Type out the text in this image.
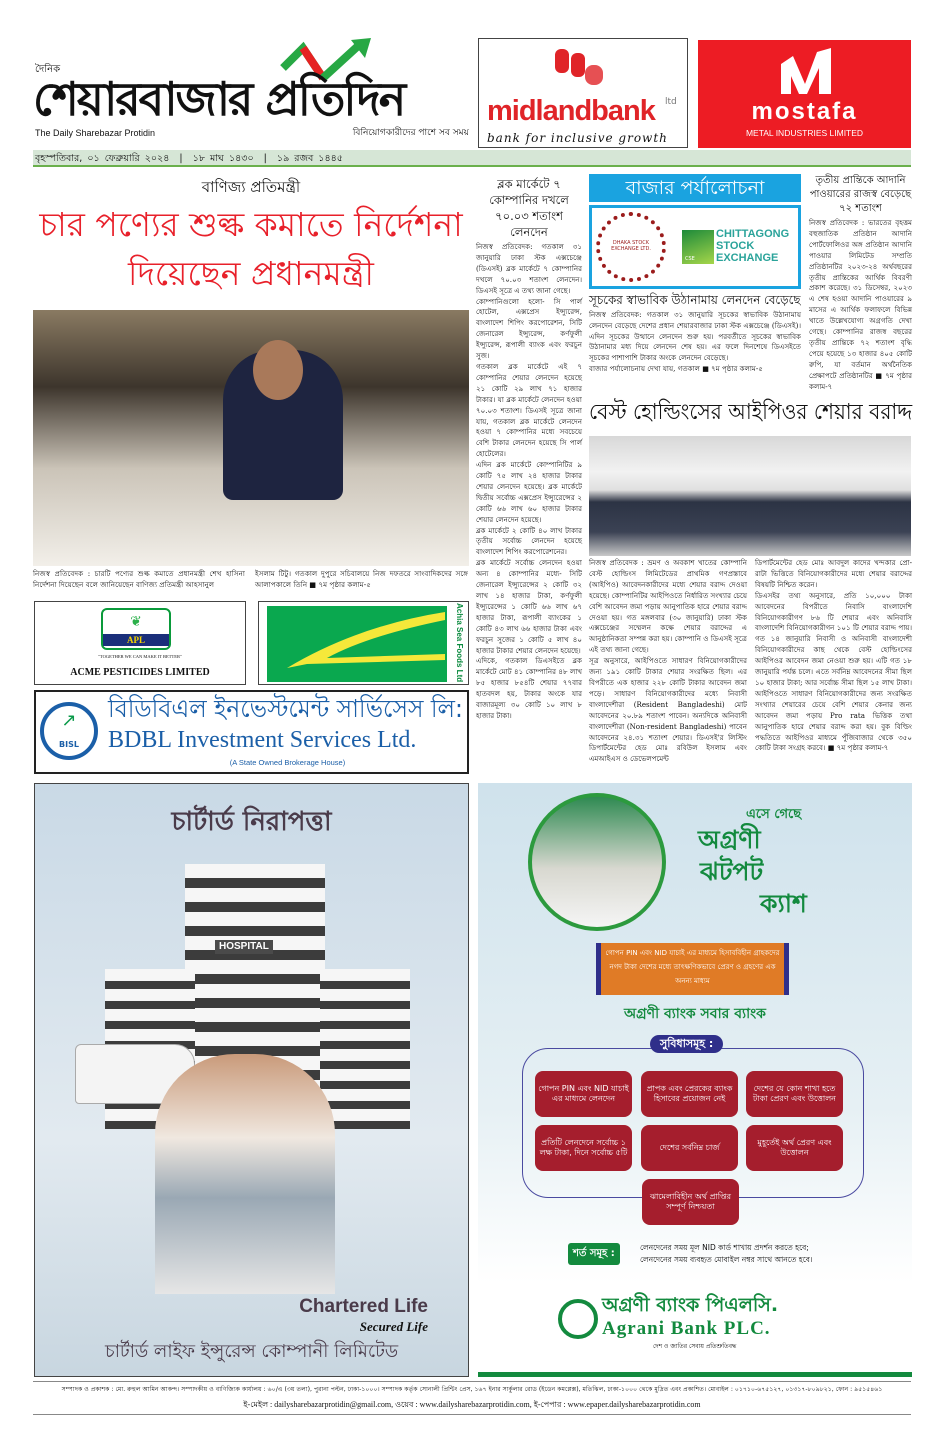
দৈনিক
শেয়ারবাজার প্রতিদিন
The Daily Sharebazar Protidin	বিনিয়োগকারীদের পাশে সব সময়
midlandbank	ltd
bank for inclusive growth
mostafa
METAL INDUSTRIES LIMITED
বৃহস্পতিবার, ০১ ফেব্রুয়ারি ২০২৪  |  ১৮ মাঘ ১৪৩০  |  ১৯ রজব ১৪৪৫
বাণিজ্য প্রতিমন্ত্রী
চার পণ্যের শুল্ক কমাতে নির্দেশনা
দিয়েছেন প্রধানমন্ত্রী
নিজস্ব প্রতিবেদক : চারটি পণ্যের শুল্ক কমাতে প্রধানমন্ত্রী শেখ হাসিনা নির্দেশনা দিয়েছেন বলে জানিয়েছেন বাণিজ্য প্রতিমন্ত্রী আহসানুল
ইসলাম টিটু। গতকাল দুপুরে সচিবালয়ে নিজ দফতরে সাংবাদিকদের সঙ্গে আলাপকালে তিনি ■ ৭ম পৃষ্ঠার কলাম-৫
❦
APL
"TOGETHER WE CAN MAKE IT BETTER"
ACME PESTICIDES LIMITED	Achia Sea Foods Ltd
↗
BISL
বিডিবিএল ইনভেস্টমেন্ট সার্ভিসেস লি:
BDBL Investment Services Ltd.
(A State Owned Brokerage House)
ব্লক মার্কেটে ৭ কোম্পানির দখলে ৭০.০৩ শতাংশ লেনদেন

নিজস্ব প্রতিবেদক: গতকাল ৩১ জানুয়ারি ঢাকা স্টক এক্সচেঞ্জে (ডিএসই) ব্লক মার্কেটে ৭ কোম্পানির দখলে ৭০.০৩ শতাংশ লেনদেন। ডিএসই সূত্রে এ তথ্য জানা গেছে।

কোম্পানিগুলো হলো- সি পার্ল হোটেল, এক্সপ্রেস ইন্স্যুরেন্স, বাংলাদেশ শিপিং করপোরেশন, সিটি জেনারেল ইন্স্যুরেন্স, কর্ণফুলী ইন্স্যুরেন্স, রূপালী ব্যাংক এবং ফরচুন সুজ।

গতকাল ব্লক মার্কেটে এই ৭ কোম্পানির শেয়ার লেনদেন হয়েছে ২১ কোটি ২৯ লাখ ৭১ হাজার টাকার। যা ব্লক মার্কেটে লেনদেন হওয়া ৭০.০৩ শতাংশ। ডিএসই সূত্রে জানা যায়, গতকাল ব্লক মার্কেটে লেনদেন হওয়া ৭ কোম্পানির মধ্যে সবচেয়ে বেশি টাকার লেনদেন হয়েছে সি পার্ল হোটেলের।

এদিন ব্লক মার্কেটে কোম্পানিটির ৯ কোটি ৭৫ লাখ ২৪ হাজার টাকার শেয়ার লেনদেন হয়েছে। ব্লক মার্কেটে দ্বিতীয় সর্বোচ্চ এক্সপ্রেস ইন্স্যুরেন্সের ২ কোটি ৬৬ লাখ ৬০ হাজার টাকার শেয়ার লেনদেন হয়েছে।

ব্লক মার্কেটে ২ কোটি ৪০ লাখ টাকার তৃতীয় সর্বোচ্চ লেনদেন হয়েছে বাংলাদেশ শিপিং করপোরেশনের।

ব্লক মার্কেটে সর্বোচ্চ লেনদেন হওয়া অন্য ৪ কোম্পানির মধ্যে- সিটি জেনারেল ইন্স্যুরেন্সের ২ কোটি ৩২ লাখ ১৪ হাজার টাকা, কর্ণফুলী ইন্স্যুরেন্সের ১ কোটি ৬৬ লাখ ৬৭ হাজার টাকা, রূপালী ব্যাংকের ১ কোটি ৪৩ লাখ ৬৬ হাজার টাকা এবং ফরচুন সুজের ১ কোটি ৫ লাখ ৪০ হাজার টাকার শেয়ার লেনদেন হয়েছে।

এদিকে, গতকাল ডিএসইতে ব্লক মার্কেটে মোট ৪১ কোম্পানির ৪৮ লাখ ৮৫ হাজার ৮৫৪টি শেয়ার ৭৭বার হাতবদল হয়, টাকার অংকে যার বাজারমূল্য ৩০ কোটি ১০ লাখ ৮ হাজার টাকা।

বাজার পর্যালোচনা
DHAKA STOCK EXCHANGE LTD.
CSE
CHITTAGONG STOCK EXCHANGE
সূচকের স্বাভাবিক উঠানামায় লেনদেন বেড়েছে

নিজস্ব প্রতিবেদক: গতকাল ৩১ জানুয়ারি সূচকের স্বাভাবিক উঠানামায় লেনদেন বেড়েছে দেশের প্রধান শেয়ারবাজার ঢাকা স্টক এক্সচেঞ্জে (ডিএসই)। এদিন সূচকের উত্থানে লেনদেন শুরু হয়। পরবর্তীতে সূচকের স্বাভাবিক উঠানামার মধ্য দিয়ে লেনদেন শেষ হয়। এর ফলে দিনশেষে ডিএসইতে সূচকের পাশাপাশি টাকার অংকে লেনদেন বেড়েছে।

বাজার পর্যালোচনায় দেখা যায়, গতকাল ■ ৭ম পৃষ্ঠার কলাম-৫

তৃতীয় প্রান্তিকে আদানি পাওয়ারের রাজস্ব বেড়েছে ৭২ শতাংশ
নিজস্ব প্রতিবেদক : ভারতের বৃহত্তম বহুজাতিক প্রতিষ্ঠান আদানি পোর্টফোলিওর অঙ্গ প্রতিষ্ঠান আদানি পাওয়ার লিমিটেড সম্প্রতি প্রতিষ্ঠানটির ২০২৩-২৪ অর্থবছরের তৃতীয় প্রান্তিকের আর্থিক বিবরণী প্রকাশ করেছে। ৩১ ডিসেম্বর, ২০২৩ এ শেষ হওয়া আদানি পাওয়ারের ৯ মাসের এ আর্থিক ফলাফলে বিভিন্ন খাতে উল্লেখযোগ্য অগ্রগতি দেখা গেছে। কোম্পানির রাজস্ব বছরের তৃতীয় প্রান্তিকে ৭২ শতাংশ বৃদ্ধি পেয়ে হয়েছে ১৩ হাজার ৪০৫ কোটি রুপি, যা বর্তমান অর্থনৈতিক প্রেক্ষাপটে প্রতিষ্ঠানটির ■ ৭ম পৃষ্ঠার কলাম-৭
বেস্ট হোল্ডিংসের আইপিওর শেয়ার বরাদ্দ

নিজস্ব প্রতিবেদক : ভ্রমণ ও অবকাশ খাতের কোম্পানি বেস্ট হোল্ডিংস লিমিটেডের প্রাথমিক গণপ্রস্তাবে (আইপিও) আবেদনকারীদের মধ্যে শেয়ার বরাদ্দ দেওয়া হয়েছে। কোম্পানিটির আইপিওতে নির্ধারিত সংখ্যার চেয়ে বেশি আবেদন জমা পড়ায় আনুপাতিক হারে শেয়ার বরাদ্দ দেওয়া হয়। গত মঙ্গলবার (৩০ জানুয়ারি) ঢাকা স্টক এক্সচেঞ্জের সম্মেলন কক্ষে শেয়ার বরাদ্দের এ আনুষ্ঠানিকতা সম্পন্ন করা হয়। কোম্পানি ও ডিএসই সূত্রে এই তথ্য জানা গেছে।

সূত্র অনুসারে, আইপিওতে সাধারণ বিনিয়োগকারীদের জন্য ১৯১ কোটি টাকার শেয়ার সংরক্ষিত ছিল। এর বিপরীতে এক হাজার ২২৮ কোটি টাকার আবেদন জমা পড়ে। সাধারণ বিনিয়োগকারীদের মধ্যে নিবাসী বাংলাদেশীরা (Resident Bangladeshi) মোট আবেদনের ২০.৮৯ শতাংশ পাবেন। অন্যদিকে অনিবাসী বাংলাদেশীরা (Non-resident Bangladeshi) পাবেন আবেদনের ২৪.৩১ শতাংশ শেয়ার। ডিএসই'র লিস্টিং ডিপার্টমেন্টের হেড মোঃ রবিউল ইসলাম এবং এমআইএস ও ডেভেলপমেন্ট

ডিপার্টমেন্টের হেড মোঃ আবদুল কাদের খন্দকার প্রো-রাটা ভিত্তিতে বিনিয়োগকারীদের মধ্যে শেয়ার বরাদ্দের বিষয়টি নিশ্চিত করেন।

ডিএসইর তথ্য অনুসারে, প্রতি ১০,০০০ টাকা আবেদনের বিপরীতে নিবাসি বাংলাদেশি বিনিয়োগকারীগণ ৮৬ টি শেয়ার এবং অনিবাসি বাংলাদেশি বিনিয়োগকারীগন ১০১ টি শেয়ার বরাদ্দ পায়। গত ১৪ জানুয়ারি নিবাসী ও অনিবাসী বাংলাদেশী বিনিয়োগকারীদের কাছ থেকে বেস্ট হোল্ডিংসের আইপিওর আবেদন জমা নেওয়া শুরু হয়। এটি গত ১৮ জানুয়ারি পর্যন্ত চলে। এতে সর্বনিম্ন আবেদনের সীমা ছিল ১০ হাজার টাকা; আর সর্বোচ্চ সীমা ছিল ১৫ লাখ টাকা। আইপিওতে সাধারণ বিনিয়োগকারীদের জন্য সংরক্ষিত সংখ্যার শেয়ারের চেয়ে বেশি শেয়ার কেনার জন্য আবেদন জমা পড়ায় Pro rata ভিত্তিক তথা আনুপাতিক হারে শেয়ার বরাদ্দ করা হয়। বুক বিল্ডিং পদ্ধতিতে আইপিওর মাধ্যমে পুঁজিবাজার থেকে ৩৫০ কোটি টাকা সংগ্রহ করবে। ■ ৭ম পৃষ্ঠার কলাম-৭

চার্টার্ড নিরাপত্তা
HOSPITAL
Chartered Life
Secured Life
চার্টার্ড লাইফ ইন্সুরেন্স কোম্পানী লিমিটেড
এসে গেছে
অগ্রণী
ঝটপট
ক্যাশ
গোপন PIN এবং NID যাচাই এর মাধ্যমে হিসাববিহীন গ্রাহকদের নগদ টাকা দেশের মধ্যে তাৎক্ষণিকভাবে প্রেরণ ও গ্রহণের এক অনন্য মাধ্যম
অগ্রণী ব্যাংক সবার ব্যাংক
সুবিধাসমূহ :
গোপন PIN এবং NID যাচাই এর মাধ্যমে লেনদেন
প্রাপক এবং প্রেরকের ব্যাংক হিসাবের প্রয়োজন নেই
দেশের যে কোন শাখা হতে টাকা প্রেরণ এবং উত্তোলন
প্রতিটি লেনদেনে সর্বোচ্চ ১ লক্ষ টাকা, দিনে সর্বোচ্চ ৫টি
দেশের সর্বনিম্ন চার্জ
মুহূর্তেই অর্থ প্রেরণ এবং উত্তোলন
ঝামেলাবিহীন অর্থ প্রাপ্তির সম্পূর্ণ নিশ্চয়তা
শর্ত সমূহ :
লেনদেনের সময় মূল NID কার্ড শাখায় প্রদর্শন করতে হবে;
লেনদেনের সময় ব্যবহৃত মোবাইল নম্বর সাথে আনতে হবে।
অগ্রণী ব্যাংক পিএলসি.
Agrani Bank PLC.
দেশ ও জাতির সেবায় প্রতিশ্রুতিবদ্ধ
সম্পাদক ও প্রকাশক : মো. রুহুল আমিন আকন্দ। সম্পাদকীয় ও বাণিজ্যিক কার্যালয় : ৬০/এ (৩য় তলা), পুরানা পল্টন, ঢাকা-১০০০। সম্পাদক কর্তৃক সোনালী প্রিন্টিং প্রেস, ১৬৭ ইনার সার্কুলার রোড (ইডেন কমপ্লেক্স), মতিঝিল, ঢাকা-১০০০ থেকে মুদ্রিত এবং প্রকাশিত। মোবাইল : ০১৭১০-৬৭৫১২৭, ০১৩১৭-৮০৯৮২১, ফোন : ৯৫১৫৪৬১
ই-মেইল : dailysharebazarprotidin@gmail.com, ওয়েব : www.dailysharebazarprotidin.com, ই-পেপার : www.epaper.dailysharebazarprotidin.com
